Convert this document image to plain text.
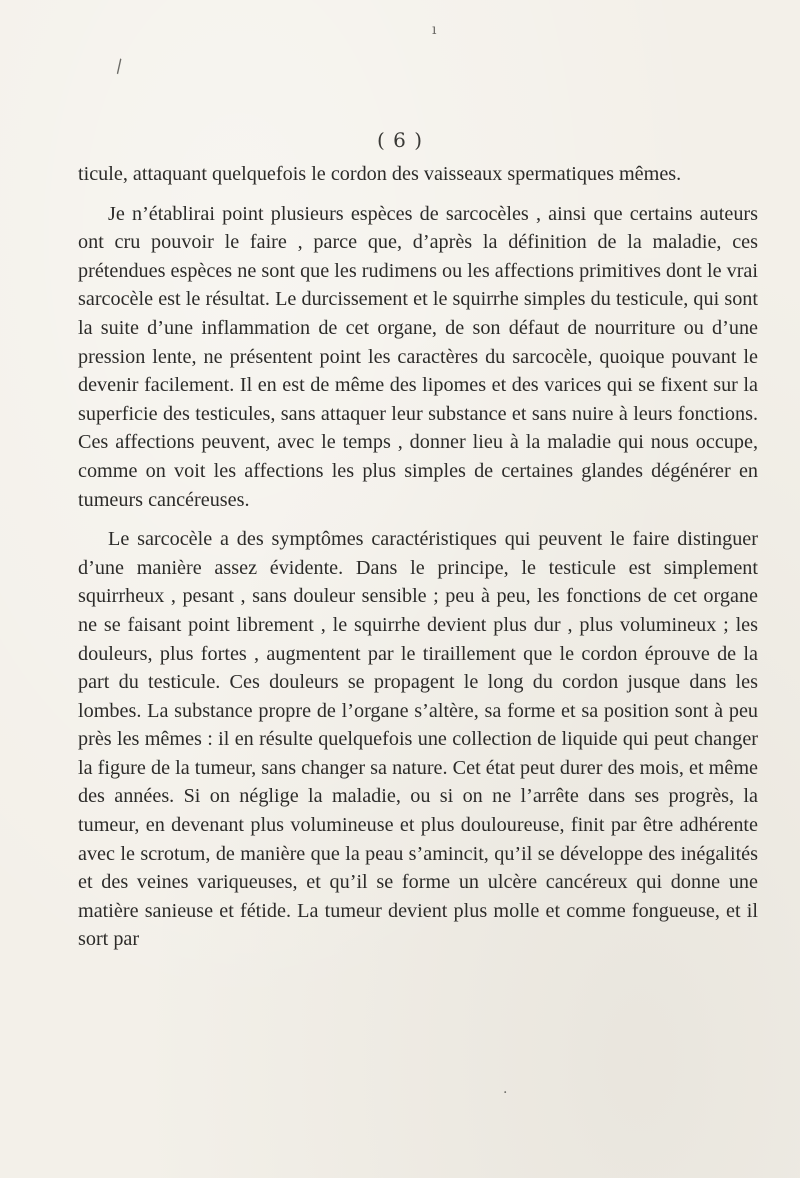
ı
\
( 6 )

ticule, attaquant quelquefois le cordon des vaisseaux spermatiques mêmes.

Je n’établirai point plusieurs espèces de sarcocèles , ainsi que certains auteurs ont cru pouvoir le faire , parce que, d’après la définition de la maladie, ces prétendues espèces ne sont que les rudimens ou les affections primitives dont le vrai sarcocèle est le résultat. Le durcissement et le squirrhe simples du testicule, qui sont la suite d’une inflammation de cet organe, de son défaut de nourriture ou d’une pression lente, ne présentent point les caractères du sarcocèle, quoique pouvant le devenir facilement. Il en est de même des lipomes et des varices qui se fixent sur la superficie des testicules, sans attaquer leur substance et sans nuire à leurs fonctions. Ces affections peuvent, avec le temps , donner lieu à la maladie qui nous occupe, comme on voit les affections les plus simples de certaines glandes dégénérer en tumeurs cancéreuses.

Le sarcocèle a des symptômes caractéristiques qui peuvent le faire distinguer d’une manière assez évidente. Dans le principe, le testicule est simplement squirrheux , pesant , sans douleur sensible ; peu à peu, les fonctions de cet organe ne se faisant point librement , le squirrhe devient plus dur , plus volumineux ; les douleurs, plus fortes , augmentent par le tiraillement que le cordon éprouve de la part du testicule. Ces douleurs se propagent le long du cordon jusque dans les lombes. La substance propre de l’organe s’altère, sa forme et sa position sont à peu près les mêmes : il en résulte quelquefois une collection de liquide qui peut changer la figure de la tumeur, sans changer sa nature. Cet état peut durer des mois, et même des années. Si on néglige la maladie, ou si on ne l’arrête dans ses progrès, la tumeur, en devenant plus volumineuse et plus douloureuse, finit par être adhérente avec le scrotum, de manière que la peau s’amincit, qu’il se développe des inégalités et des veines variqueuses, et qu’il se forme un ulcère cancéreux qui donne une matière sanieuse et fétide. La tumeur devient plus molle et comme fongueuse, et il sort par

·
